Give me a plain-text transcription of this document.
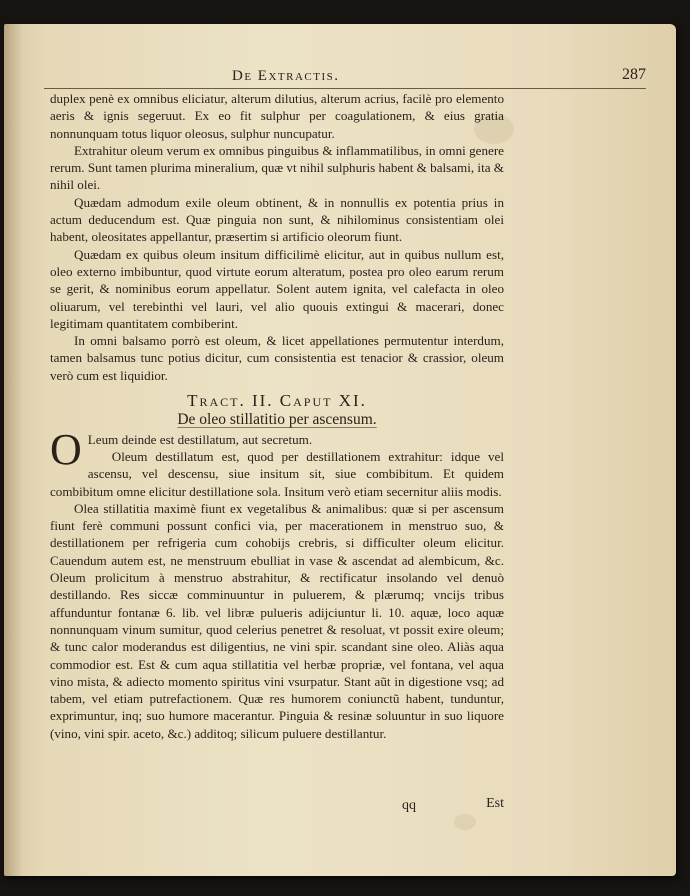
De Extractis.	287

duplex penè ex omnibus eliciatur, alterum dilutius, alterum acrius, facilè pro elemento aeris & ignis segeruut. Ex eo fit sulphur per coagulationem, & eius gratia nonnunquam totus liquor oleosus, sulphur nuncupatur.

Extrahitur oleum verum ex omnibus pinguibus & inflammatilibus, in omni genere rerum. Sunt tamen plurima mineralium, quæ vt nihil sulphuris habent & balsami, ita & nihil olei.

Quædam admodum exile oleum obtinent, & in nonnullis ex potentia prius in actum deducendum est. Quæ pinguia non sunt, & nihilominus consistentiam olei habent, oleositates appellantur, præsertim si artificio oleorum fiunt.

Quædam ex quibus oleum insitum difficilimè elicitur, aut in quibus nullum est, oleo externo imbibuntur, quod virtute eorum alteratum, postea pro oleo earum rerum se gerit, & nominibus eorum appellatur. Solent autem ignita, vel calefacta in oleo oliuarum, vel terebinthi vel lauri, vel alio quouis extingui & macerari, donec legitimam quantitatem combiberint.

In omni balsamo porrò est oleum, & licet appellationes permutentur interdum, tamen balsamus tunc potius dicitur, cum consistentia est tenacior & crassior, oleum verò cum est liquidior.

Tract. II. Caput XI.
De oleo stillatitio per ascensum.

O Leum deinde est destillatum, aut secretum.

Oleum destillatum est, quod per destillationem extrahitur: idque vel ascensu, vel descensu, siue insitum sit, siue combibitum. Et quidem combibitum omne elicitur destillatione sola. Insitum verò etiam secernitur aliis modis.

Olea stillatitia maximè fiunt ex vegetalibus & animalibus: quæ si per ascensum fiunt ferè communi possunt confici via, per macerationem in menstruo suo, & destillationem per refrigeria cum cohobijs crebris, si difficulter oleum elicitur. Cauendum autem est, ne menstruum ebulliat in vase & ascendat ad alembicum, &c. Oleum prolicitum à menstruo abstrahitur, & rectificatur insolando vel denuò destillando. Res siccæ comminuuntur in puluerem, & plærumq; vncijs tribus affunduntur fontanæ 6. lib. vel libræ pulueris adijciuntur li. 10. aquæ, loco aquæ nonnunquam vinum sumitur, quod celerius penetret & resoluat, vt possit exire oleum; & tunc calor moderandus est diligentius, ne vini spir. scandant sine oleo. Aliàs aqua commodior est. Est & cum aqua stillatitia vel herbæ propriæ, vel fontana, vel aqua vino mista, & adiecto momento spiritus vini vsurpatur. Stant aũt in digestione vsq; ad tabem, vel etiam putrefactionem. Quæ res humorem coniunctũ habent, tunduntur, exprimuntur, inq; suo humore macerantur. Pinguia & resinæ soluuntur in suo liquore (vino, vini spir. aceto, &c.) additoq; silicum puluere destillantur.

qq	Est
